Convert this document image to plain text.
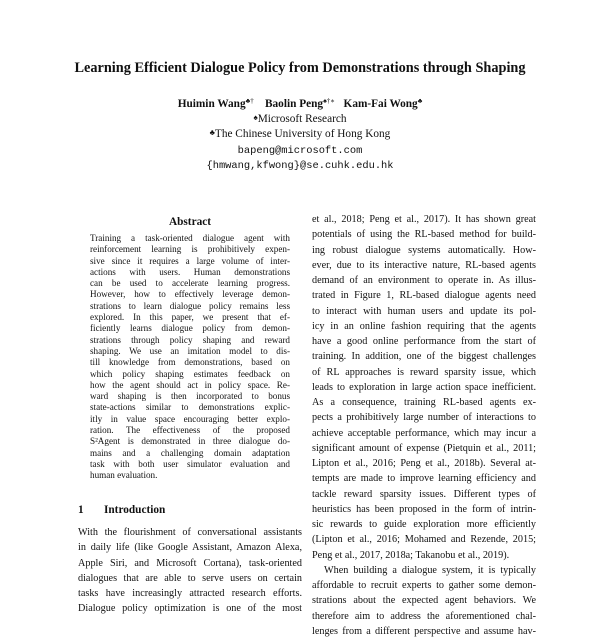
Learning Efficient Dialogue Policy from Demonstrations through Shaping
Huimin Wang♣† Baolin Peng♠†∗ Kam-Fai Wong♣
♠Microsoft Research
♣The Chinese University of Hong Kong
bapeng@microsoft.com
{hmwang,kfwong}@se.cuhk.edu.hk
Abstract
Training a task-oriented dialogue agent with
reinforcement learning is prohibitively expen-
sive since it requires a large volume of inter-
actions with users. Human demonstrations
can be used to accelerate learning progress.
However, how to effectively leverage demon-
strations to learn dialogue policy remains less
explored. In this paper, we present that ef-
ficiently learns dialogue policy from demon-
strations through policy shaping and reward
shaping. We use an imitation model to dis-
till knowledge from demonstrations, based on
which policy shaping estimates feedback on
how the agent should act in policy space. Re-
ward shaping is then incorporated to bonus
state-actions similar to demonstrations explic-
itly in value space encouraging better explo-
ration. The effectiveness of the proposed
S²Agent is demonstrated in three dialogue do-
mains and a challenging domain adaptation
task with both user simulator evaluation and
human evaluation.
1 Introduction
With the flourishment of conversational assistants
in daily life (like Google Assistant, Amazon Alexa,
Apple Siri, and Microsoft Cortana), task-oriented
dialogues that are able to serve users on certain
tasks have increasingly attracted research efforts.
Dialogue policy optimization is one of the most
et al., 2018; Peng et al., 2017). It has shown great
potentials of using the RL-based method for build-
ing robust dialogue systems automatically. How-
ever, due to its interactive nature, RL-based agents
demand of an environment to operate in. As illus-
trated in Figure 1, RL-based dialogue agents need
to interact with human users and update its pol-
icy in an online fashion requiring that the agents
have a good online performance from the start of
training. In addition, one of the biggest challenges
of RL approaches is reward sparsity issue, which
leads to exploration in large action space inefficient.
As a consequence, training RL-based agents ex-
pects a prohibitively large number of interactions to
achieve acceptable performance, which may incur a
significant amount of expense (Pietquin et al., 2011;
Lipton et al., 2016; Peng et al., 2018b). Several at-
tempts are made to improve learning efficiency and
tackle reward sparsity issues. Different types of
heuristics has been proposed in the form of intrin-
sic rewards to guide exploration more efficiently
(Lipton et al., 2016; Mohamed and Rezende, 2015;
Peng et al., 2017, 2018a; Takanobu et al., 2019).
When building a dialogue system, it is typically
affordable to recruit experts to gather some demon-
strations about the expected agent behaviors. We
therefore aim to address the aforementioned chal-
lenges from a different perspective and assume hav-
